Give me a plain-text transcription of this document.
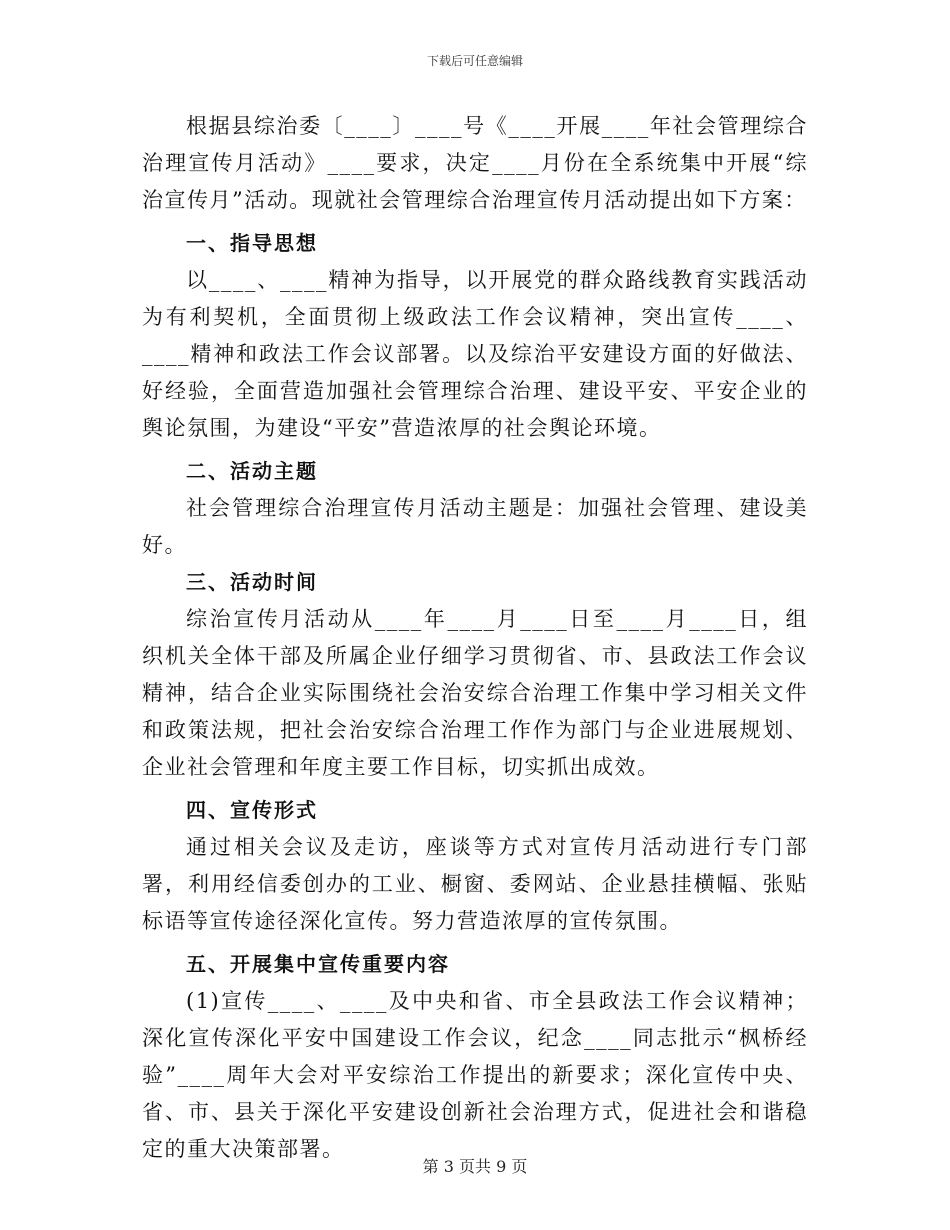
下载后可任意编辑

根据县综治委〔____〕____号《____开展____年社会管理综合治理宣传月活动》____要求，决定____月份在全系统集中开展“综治宣传月”活动。现就社会管理综合治理宣传月活动提出如下方案：

一、指导思想

以____、____精神为指导，以开展党的群众路线教育实践活动为有利契机，全面贯彻上级政法工作会议精神，突出宣传____、____精神和政法工作会议部署。以及综治平安建设方面的好做法、好经验，全面营造加强社会管理综合治理、建设平安、平安企业的舆论氛围，为建设“平安”营造浓厚的社会舆论环境。

二、活动主题

社会管理综合治理宣传月活动主题是：加强社会管理、建设美好。

三、活动时间

综治宣传月活动从____年____月____日至____月____日，组织机关全体干部及所属企业仔细学习贯彻省、市、县政法工作会议精神，结合企业实际围绕社会治安综合治理工作集中学习相关文件和政策法规，把社会治安综合治理工作作为部门与企业进展规划、企业社会管理和年度主要工作目标，切实抓出成效。

四、宣传形式

通过相关会议及走访，座谈等方式对宣传月活动进行专门部署，利用经信委创办的工业、橱窗、委网站、企业悬挂横幅、张贴标语等宣传途径深化宣传。努力营造浓厚的宣传氛围。

五、开展集中宣传重要内容

(1)宣传____、____及中央和省、市全县政法工作会议精神；深化宣传深化平安中国建设工作会议，纪念____同志批示“枫桥经验”____周年大会对平安综治工作提出的新要求；深化宣传中央、省、市、县关于深化平安建设创新社会治理方式，促进社会和谐稳定的重大决策部署。

第 3 页共 9 页
